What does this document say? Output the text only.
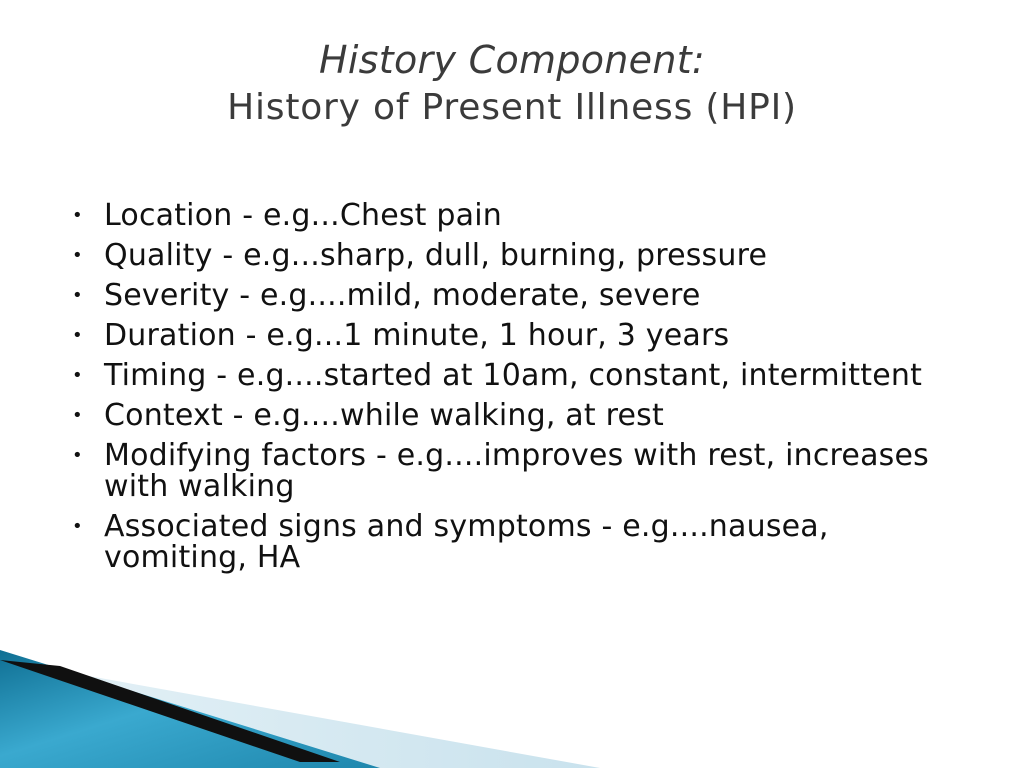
History Component:
History of Present Illness (HPI)
• Location - e.g...Chest pain
• Quality - e.g...sharp, dull, burning, pressure
• Severity - e.g....mild, moderate, severe
• Duration - e.g...1 minute, 1 hour, 3 years
• Timing - e.g....started at 10am, constant, intermittent
• Context - e.g....while walking, at rest
• Modifying factors - e.g....improves with rest, increases with walking
• Associated signs and symptoms - e.g....nausea, vomiting, HA
